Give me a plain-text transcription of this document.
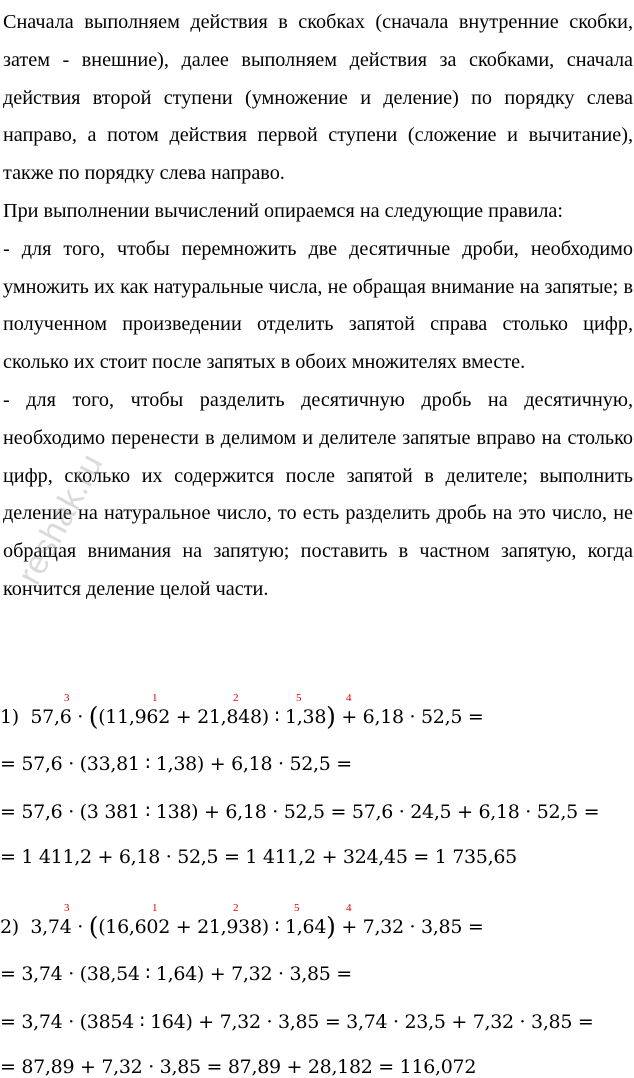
Сначала выполняем действия в скобках (сначала внутренние скобки, затем - внешние), далее выполняем действия за скобками, сначала действия второй ступени (умножение и деление) по порядку слева направо, а потом действия первой ступени (сложение и вычитание), также по порядку слева направо.

При выполнении вычислений опираемся на следующие правила:

- для того, чтобы перемножить две десятичные дроби, необходимо умножить их как натуральные числа, не обращая внимание на запятые; в полученном произведении отделить запятой справа столько цифр, сколько их стоит после запятых в обоих множителях вместе.

- для того, чтобы разделить десятичную дробь на десятичную, необходимо перенести в делимом и делителе запятые вправо на столько цифр, сколько их содержится после запятой в делителе; выполнить деление на натуральное число, то есть разделить дробь на это число, не обращая внимания на запятую; поставить в частном запятую, когда кончится деление целой части.

reshak.ru
3	1	2	5	4
1) 57,6 · ((11,962 + 21,848) ∶ 1,38) + 6,18 · 52,5 =
= 57,6 · (33,81 ∶ 1,38) + 6,18 · 52,5 =
= 57,6 · (3 381 ∶ 138) + 6,18 · 52,5 = 57,6 · 24,5 + 6,18 · 52,5 =
= 1 411,2 + 6,18 · 52,5 = 1 411,2 + 324,45 = 1 735,65
3	1	2	5	4
2) 3,74 · ((16,602 + 21,938) ∶ 1,64) + 7,32 · 3,85 =
= 3,74 · (38,54 ∶ 1,64) + 7,32 · 3,85 =
= 3,74 · (3854 ∶ 164) + 7,32 · 3,85 = 3,74 · 23,5 + 7,32 · 3,85 =
= 87,89 + 7,32 · 3,85 = 87,89 + 28,182 = 116,072
